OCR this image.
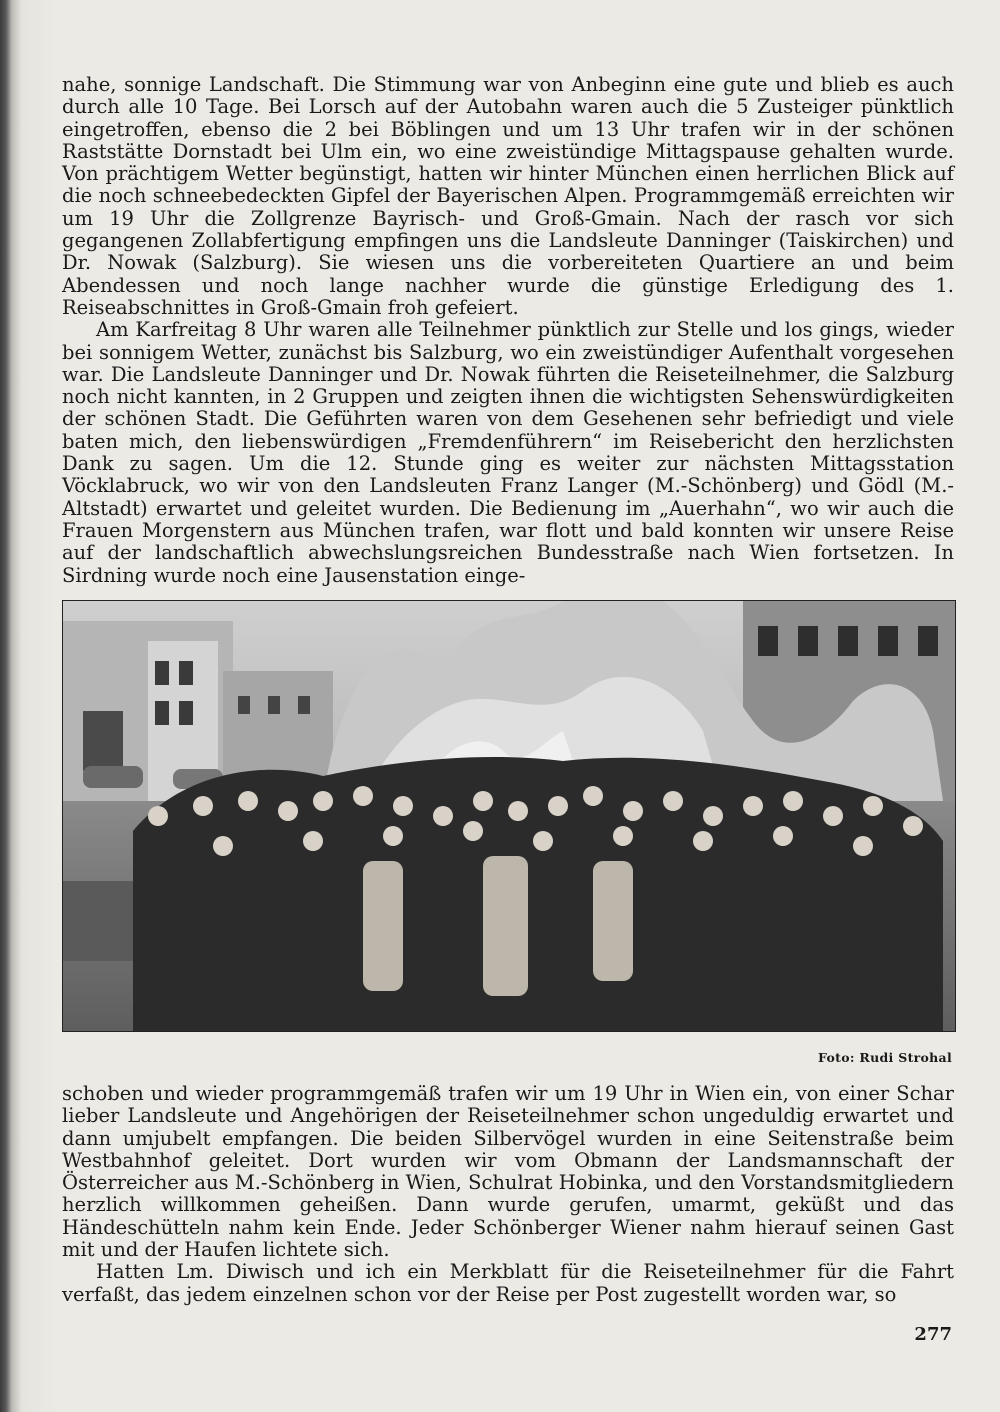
nahe, sonnige Landschaft. Die Stimmung war von Anbeginn eine gute und blieb es auch durch alle 10 Tage. Bei Lorsch auf der Autobahn waren auch die 5 Zusteiger pünktlich eingetroffen, ebenso die 2 bei Böblingen und um 13 Uhr trafen wir in der schönen Raststätte Dornstadt bei Ulm ein, wo eine zweistündige Mittagspause gehalten wurde. Von prächtigem Wetter begünstigt, hatten wir hinter München einen herrlichen Blick auf die noch schneebedeckten Gipfel der Bayerischen Alpen. Programmgemäß erreichten wir um 19 Uhr die Zollgrenze Bayrisch- und Groß-Gmain. Nach der rasch vor sich gegangenen Zollabfertigung empfingen uns die Landsleute Danninger (Taiskirchen) und Dr. Nowak (Salzburg). Sie wiesen uns die vorbereiteten Quartiere an und beim Abendessen und noch lange nachher wurde die günstige Erledigung des 1. Reiseabschnittes in Groß-Gmain froh gefeiert.

Am Karfreitag 8 Uhr waren alle Teilnehmer pünktlich zur Stelle und los gings, wieder bei sonnigem Wetter, zunächst bis Salzburg, wo ein zweistündiger Aufenthalt vorgesehen war. Die Landsleute Danninger und Dr. Nowak führten die Reiseteilnehmer, die Salzburg noch nicht kannten, in 2 Gruppen und zeigten ihnen die wichtigsten Sehenswürdigkeiten der schönen Stadt. Die Geführten waren von dem Gesehenen sehr befriedigt und viele baten mich, den liebenswürdigen „Fremdenführern“ im Reisebericht den herzlichsten Dank zu sagen. Um die 12. Stunde ging es weiter zur nächsten Mittagsstation Vöcklabruck, wo wir von den Landsleuten Franz Langer (M.-Schönberg) und Gödl (M.-Altstadt) erwartet und geleitet wurden. Die Bedienung im „Auerhahn“, wo wir auch die Frauen Morgenstern aus München trafen, war flott und bald konnten wir unsere Reise auf der landschaftlich abwechslungsreichen Bundesstraße nach Wien fortsetzen. In Sirdning wurde noch eine Jausenstation einge-

Foto: Rudi Strohal

schoben und wieder programmgemäß trafen wir um 19 Uhr in Wien ein, von einer Schar lieber Landsleute und Angehörigen der Reiseteilnehmer schon ungeduldig erwartet und dann umjubelt empfangen. Die beiden Silbervögel wurden in eine Seitenstraße beim Westbahnhof geleitet. Dort wurden wir vom Obmann der Landsmannschaft der Österreicher aus M.-Schönberg in Wien, Schulrat Hobinka, und den Vorstandsmitgliedern herzlich willkommen geheißen. Dann wurde gerufen, umarmt, geküßt und das Händeschütteln nahm kein Ende. Jeder Schönberger Wiener nahm hierauf seinen Gast mit und der Haufen lichtete sich.

Hatten Lm. Diwisch und ich ein Merkblatt für die Reiseteilnehmer für die Fahrt verfaßt, das jedem einzelnen schon vor der Reise per Post zugestellt worden war, so

277
